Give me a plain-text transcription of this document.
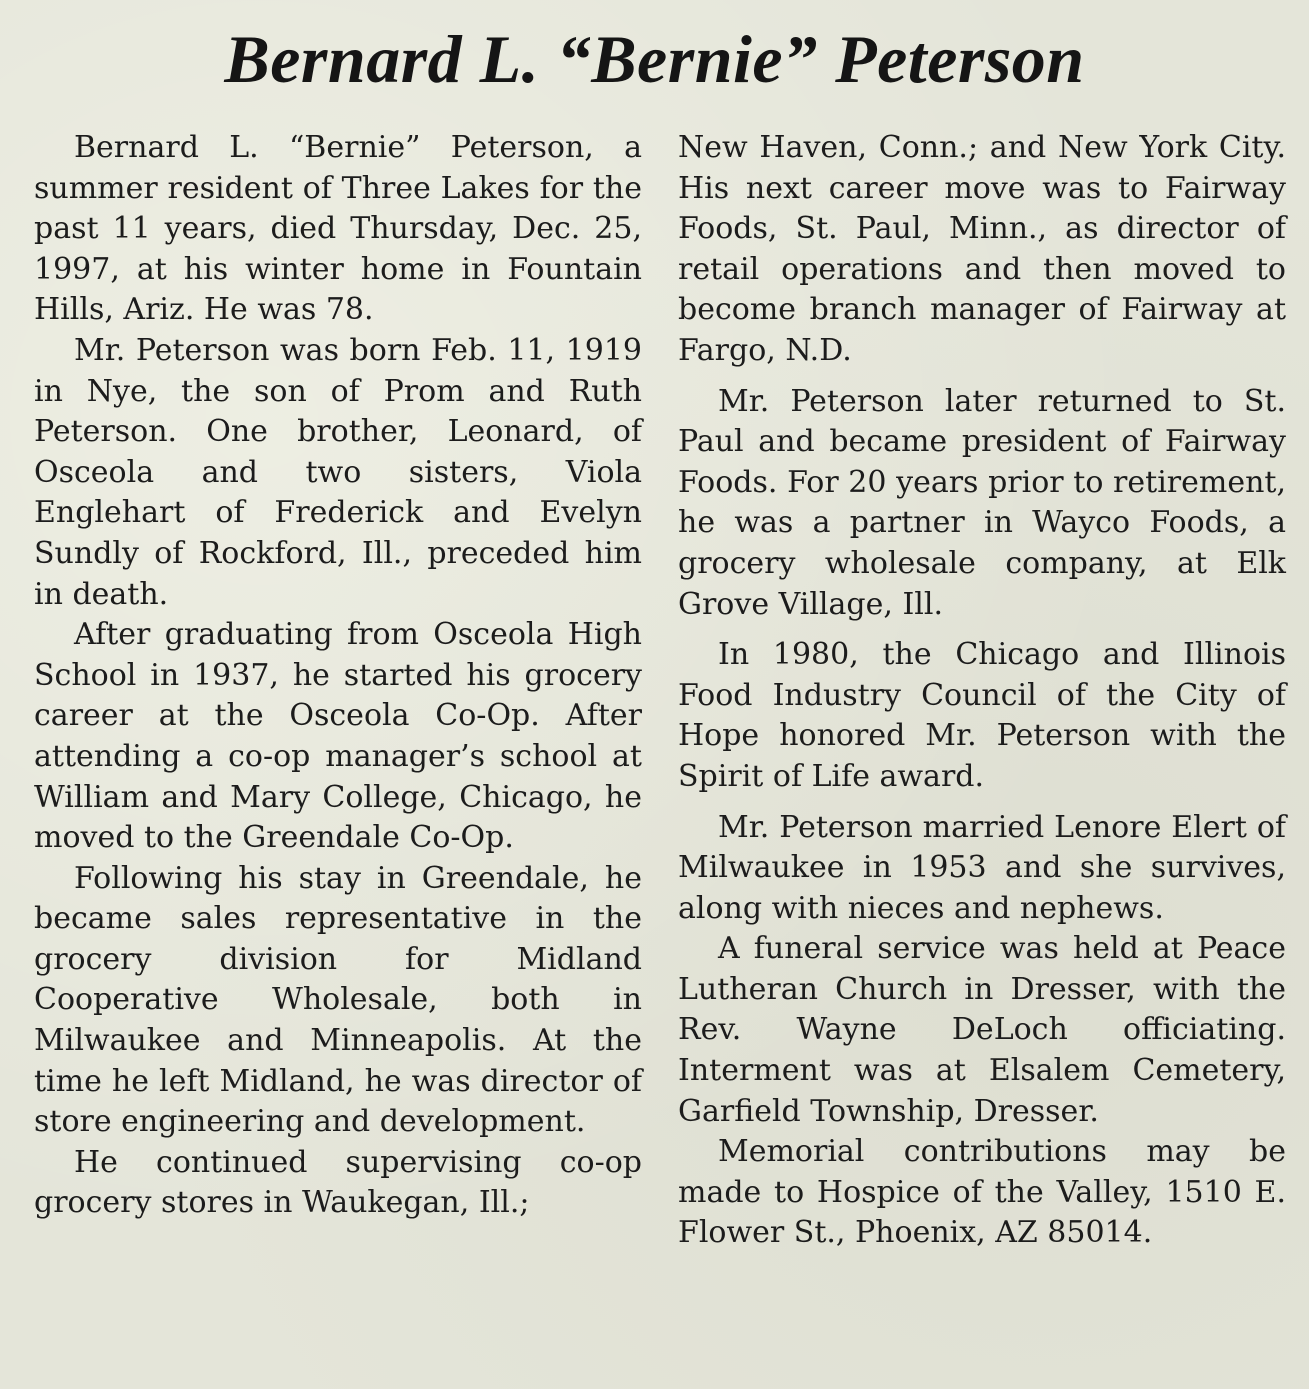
Bernard L. “Bernie” Peterson

Bernard L. “Bernie” Peterson, a summer resident of Three Lakes for the past 11 years, died Thursday, Dec. 25, 1997, at his winter home in Fountain Hills, Ariz. He was 78.

Mr. Peterson was born Feb. 11, 1919 in Nye, the son of Prom and Ruth Peterson. One brother, Leonard, of Osceola and two sisters, Viola Englehart of Frederick and Evelyn Sundly of Rockford, Ill., preceded him in death.

After graduating from Osceola High School in 1937, he started his grocery career at the Osceola Co-Op. After attending a co-op manager’s school at William and Mary College, Chicago, he moved to the Greendale Co-Op.

Following his stay in Greendale, he became sales representative in the grocery division for Midland Cooperative Wholesale, both in Milwaukee and Minneapolis. At the time he left Midland, he was director of store engineering and development.

He continued supervising co-op grocery stores in Waukegan, Ill.;

New Haven, Conn.; and New York City. His next career move was to Fairway Foods, St. Paul, Minn., as director of retail operations and then moved to become branch manager of Fairway at Fargo, N.D.

Mr. Peterson later returned to St. Paul and became president of Fairway Foods. For 20 years prior to retirement, he was a partner in Wayco Foods, a grocery wholesale company, at Elk Grove Village, Ill.

In 1980, the Chicago and Illinois Food Industry Council of the City of Hope honored Mr. Peterson with the Spirit of Life award.

Mr. Peterson married Lenore Elert of Milwaukee in 1953 and she survives, along with nieces and nephews.

A funeral service was held at Peace Lutheran Church in Dresser, with the Rev. Wayne DeLoch officiating. Interment was at Elsalem Cemetery, Garfield Township, Dresser.

Memorial contributions may be made to Hospice of the Valley, 1510 E. Flower St., Phoenix, AZ 85014.
